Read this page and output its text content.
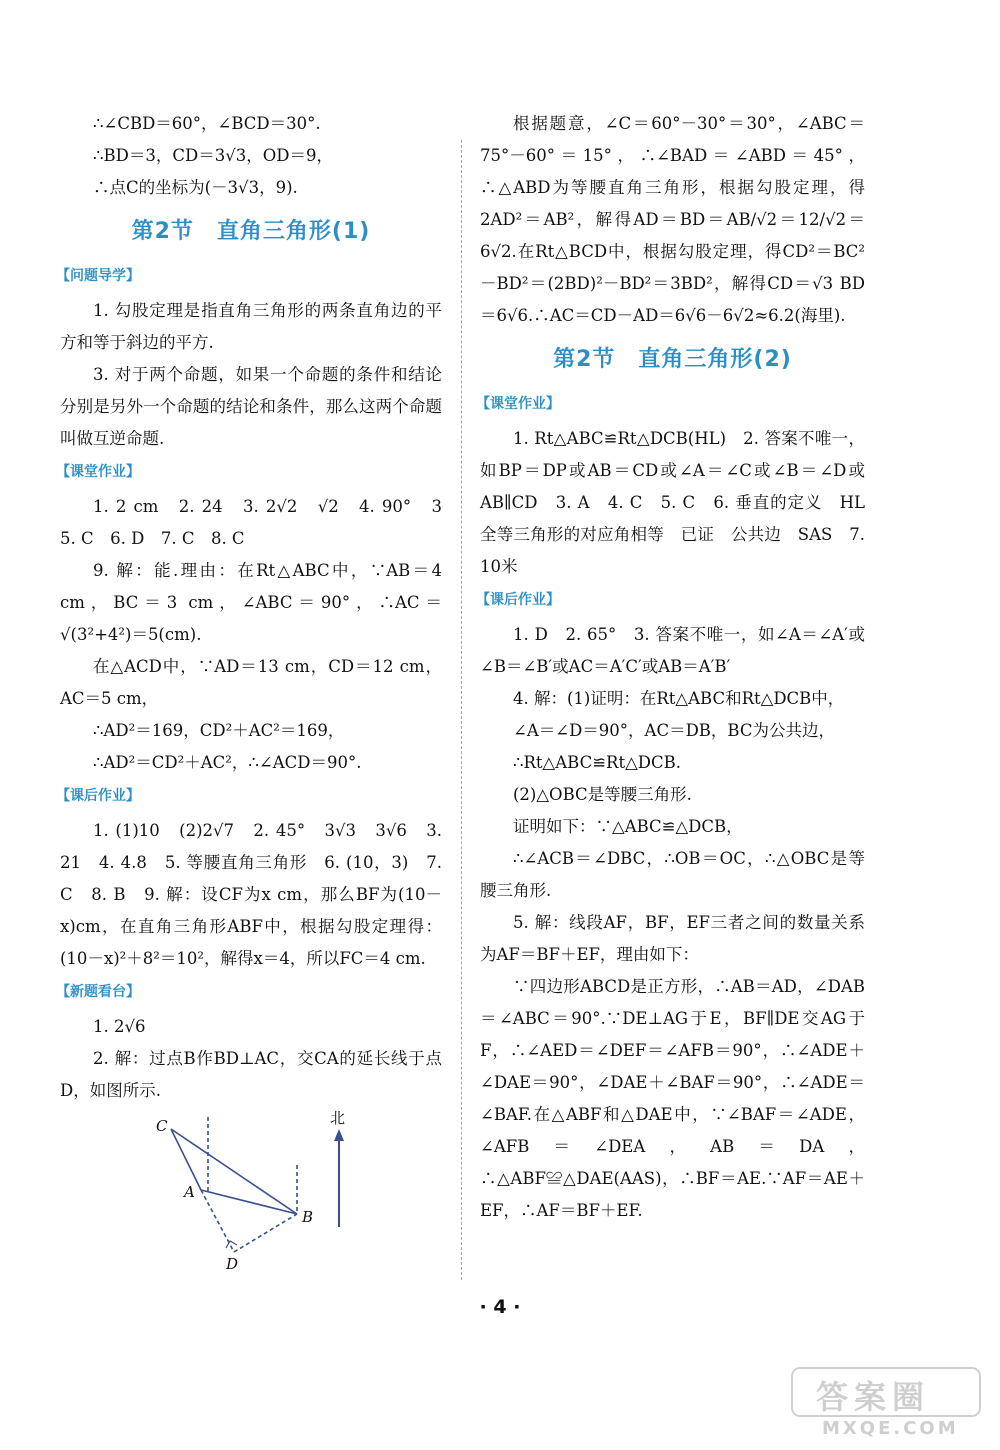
∴∠CBD＝60°，∠BCD＝30°.

∴BD＝3，CD＝3√3，OD＝9，

∴点C的坐标为(－3√3，9).

第2节　直角三角形(1)
【问题导学】

1. 勾股定理是指直角三角形的两条直角边的平方和等于斜边的平方.

3. 对于两个命题，如果一个命题的条件和结论分别是另外一个命题的结论和条件，那么这两个命题叫做互逆命题.

【课堂作业】

1. 2 cm　2. 24　3. 2√2　√2　4. 90°　3　5. C　6. D　7. C　8. C

9. 解：能.理由：在Rt△ABC中，∵AB＝4 cm，BC＝3 cm，∠ABC＝90°，∴AC＝√(3²+4²)＝5(cm).

在△ACD中，∵AD＝13 cm，CD＝12 cm，AC＝5 cm，

∴AD²＝169，CD²＋AC²＝169，

∴AD²＝CD²＋AC²，∴∠ACD＝90°.

【课后作业】

1. (1)10　(2)2√7　2. 45°　3√3　3√6　3. 21　4. 4.8　5. 等腰直角三角形　6. (10，3)　7. C　8. B　9. 解：设CF为x cm，那么BF为(10－x)cm，在直角三角形ABF中，根据勾股定理得：(10－x)²＋8²＝10²，解得x＝4，所以FC＝4 cm.

【新题看台】

1. 2√6

2. 解：过点B作BD⊥AC，交CA的延长线于点D，如图所示.

C
A
B
D
北

根据题意，∠C＝60°－30°＝30°，∠ABC＝75°－60°＝15°，∴∠BAD＝∠ABD＝45°，∴△ABD为等腰直角三角形，根据勾股定理，得2AD²＝AB²，解得AD＝BD＝AB/√2＝12/√2＝6√2.在Rt△BCD中，根据勾股定理，得CD²＝BC²－BD²＝(2BD)²－BD²＝3BD²，解得CD＝√3 BD＝6√6.∴AC＝CD－AD＝6√6－6√2≈6.2(海里).

第2节　直角三角形(2)
【课堂作业】

1. Rt△ABC≌Rt△DCB(HL)　2. 答案不唯一，如BP＝DP或AB＝CD或∠A＝∠C或∠B＝∠D或AB∥CD　3. A　4. C　5. C　6. 垂直的定义　HL　全等三角形的对应角相等　已证　公共边　SAS　7. 10米

【课后作业】

1. D　2. 65°　3. 答案不唯一，如∠A＝∠A′或∠B＝∠B′或AC＝A′C′或AB＝A′B′

4. 解：(1)证明：在Rt△ABC和Rt△DCB中，

∠A＝∠D＝90°，AC＝DB，BC为公共边，

∴Rt△ABC≌Rt△DCB.

(2)△OBC是等腰三角形.

证明如下：∵△ABC≌△DCB，

∴∠ACB＝∠DBC，∴OB＝OC，∴△OBC是等腰三角形.

5. 解：线段AF，BF，EF三者之间的数量关系为AF＝BF＋EF，理由如下：

∵四边形ABCD是正方形，∴AB＝AD，∠DAB＝∠ABC＝90°.∵DE⊥AG于E，BF∥DE交AG于F，∴∠AED＝∠DEF＝∠AFB＝90°，∴∠ADE＋∠DAE＝90°，∠DAE＋∠BAF＝90°，∴∠ADE＝∠BAF.在△ABF和△DAE中，∵∠BAF＝∠ADE，∠AFB＝∠DEA，AB＝DA，∴△ABF≌△DAE(AAS)，∴BF＝AE.∵AF＝AE＋EF，∴AF＝BF＋EF.

· 4 ·
答案圈
MXQE.COM
